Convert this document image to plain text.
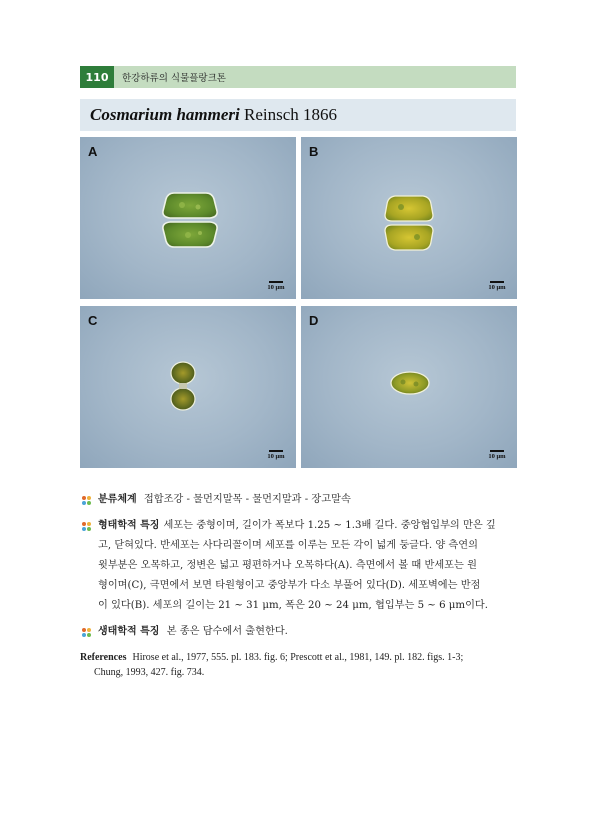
110	한강하류의 식물플랑크톤
Cosmarium hammeri Reinsch 1866
A
10 μm
B
10 μm
C
10 μm
D
10 μm
분류체계 접합조강 - 물먼지말목 - 물먼지말과 - 장고말속
형태학적 특징 세포는 중형이며, 길이가 폭보다 1.25 ~ 1.3배 길다. 중앙협입부의 만은 깊
고, 닫혀있다. 반세포는 사다리꼴이며 세포를 이루는 모든 각이 넓게 둥글다. 양 측연의
윗부분은 오목하고, 정변은 넓고 평편하거나 오목하다(A). 측면에서 볼 때 반세포는 원
형이며(C), 극면에서 보면 타원형이고 중앙부가 다소 부풀어 있다(D). 세포벽에는 반점
이 있다(B). 세포의 길이는 21 ~ 31 μm, 폭은 20 ~ 24 μm, 협입부는 5 ~ 6 μm이다.
생태학적 특징 본 종은 담수에서 출현한다.
References Hirose et al., 1977, 555. pl. 183. fig. 6; Prescott et al., 1981, 149. pl. 182. figs. 1-3;
Chung, 1993, 427. fig. 734.
